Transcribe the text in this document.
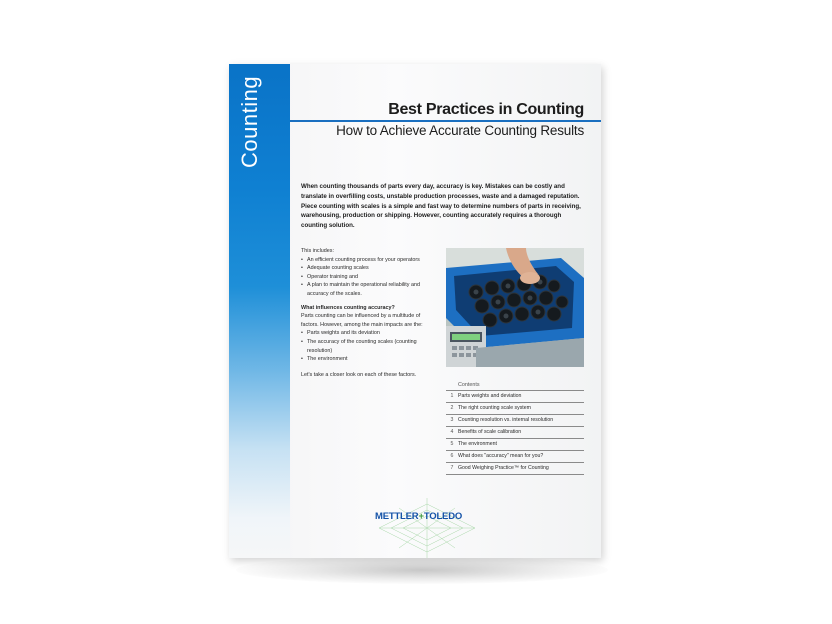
Counting	Best Practices in Counting
How to Achieve Accurate Counting Results
When counting thousands of parts every day, accuracy is key. Mistakes can be costly and translate in overfilling costs, unstable production processes, waste and a damaged reputation. Piece counting with scales is a simple and fast way to determine numbers of parts in receiving, warehousing, production or shipping. However, counting accurately requires a thorough counting solution.

This includes:

• An efficient counting process for your operators
• Adequate counting scales
• Operator training and
• A plan to maintain the operational reliability and accuracy of the scales.

What influences counting accuracy?

Parts counting can be influenced by a multitude of factors. However, among the main impacts are the:

• Parts weights and its deviation
• The accuracy of the counting scales (counting resolution)
• The environment

Let's take a closer look on each of these factors.

Contents
1 Parts weights and deviation
2 The right counting scale system
3 Counting resolution vs. internal resolution
4 Benefits of scale calibration
5 The environment
6 What does "accuracy" mean for you?
7 Good Weighing Practice™ for Counting
METTLER+TOLEDO
